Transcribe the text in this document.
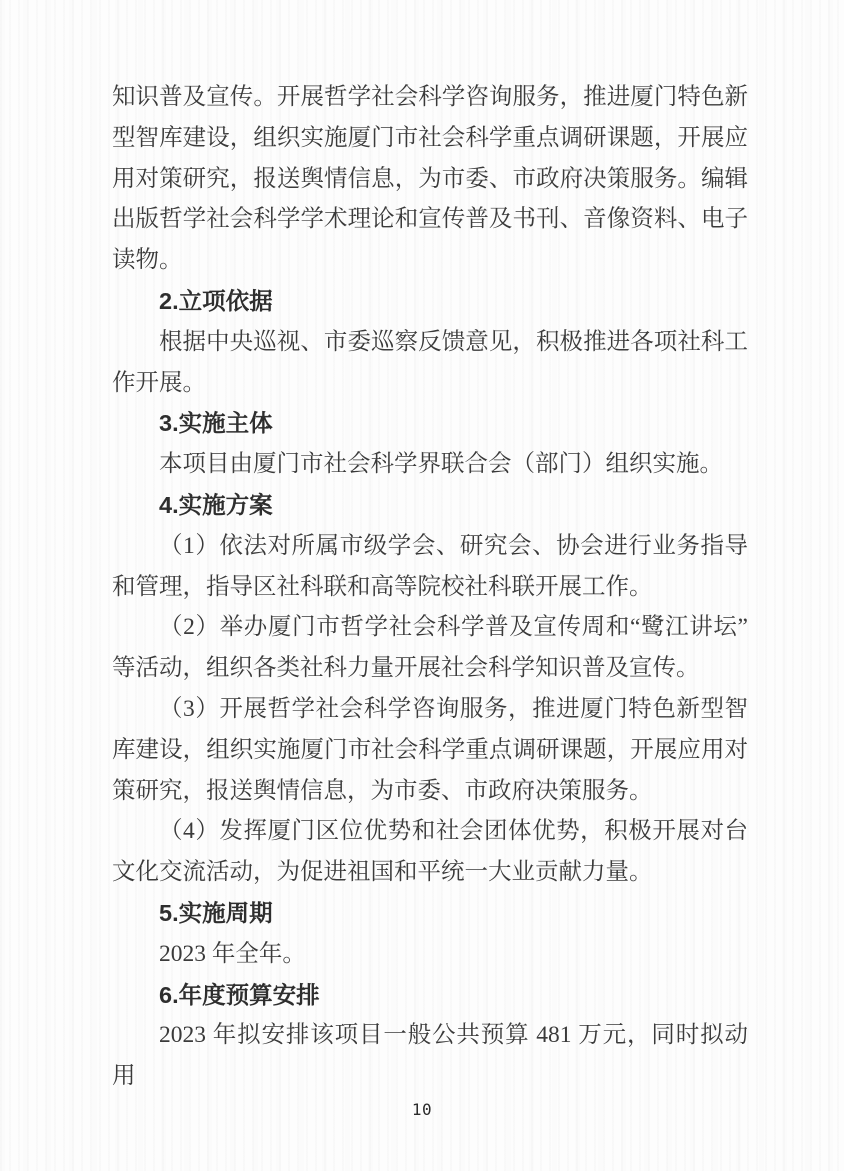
知识普及宣传。开展哲学社会科学咨询服务，推进厦门特色新型智库建设，组织实施厦门市社会科学重点调研课题，开展应用对策研究，报送舆情信息，为市委、市政府决策服务。编辑出版哲学社会科学学术理论和宣传普及书刊、音像资料、电子读物。

2.立项依据

根据中央巡视、市委巡察反馈意见，积极推进各项社科工作开展。

3.实施主体

本项目由厦门市社会科学界联合会（部门）组织实施。

4.实施方案

（1）依法对所属市级学会、研究会、协会进行业务指导和管理，指导区社科联和高等院校社科联开展工作。

（2）举办厦门市哲学社会科学普及宣传周和“鹭江讲坛”等活动，组织各类社科力量开展社会科学知识普及宣传。

（3）开展哲学社会科学咨询服务，推进厦门特色新型智库建设，组织实施厦门市社会科学重点调研课题，开展应用对策研究，报送舆情信息，为市委、市政府决策服务。

（4）发挥厦门区位优势和社会团体优势，积极开展对台文化交流活动，为促进祖国和平统一大业贡献力量。

5.实施周期

2023 年全年。

6.年度预算安排

2023 年拟安排该项目一般公共预算 481 万元，同时拟动用

10
